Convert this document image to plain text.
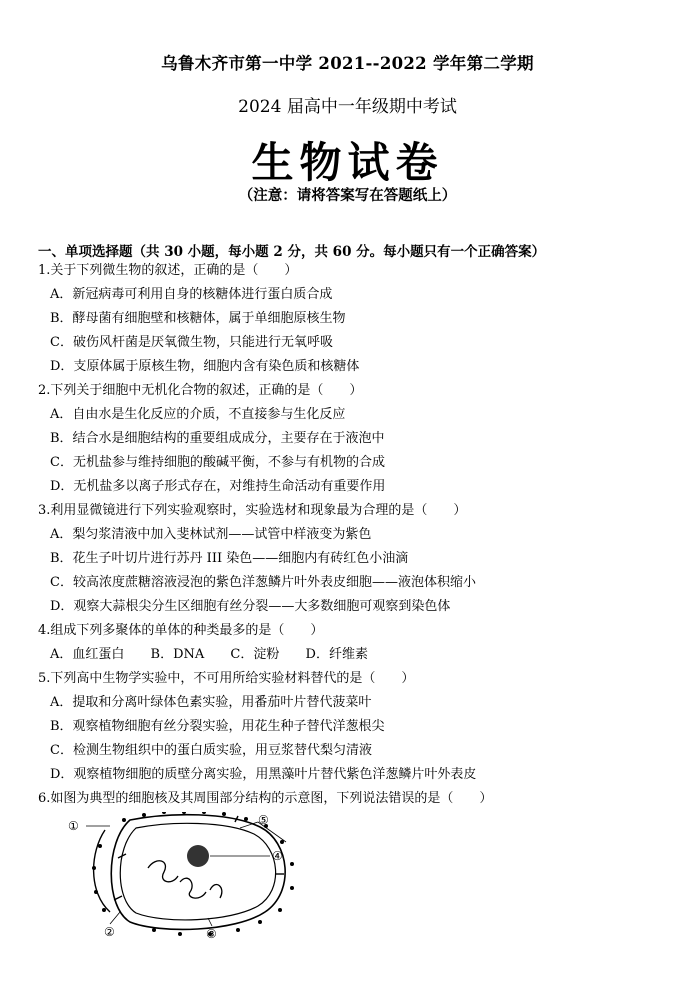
乌鲁木齐市第一中学 2021--2022 学年第二学期
2024 届高中一年级期中考试
生物试卷
（注意：请将答案写在答题纸上）
一、单项选择题（共 30 小题，每小题 2 分，共 60 分。每小题只有一个正确答案）
1.关于下列微生物的叙述，正确的是（　　）
A．新冠病毒可利用自身的核糖体进行蛋白质合成
B．酵母菌有细胞壁和核糖体，属于单细胞原核生物
C．破伤风杆菌是厌氧微生物，只能进行无氧呼吸
D．支原体属于原核生物，细胞内含有染色质和核糖体
2.下列关于细胞中无机化合物的叙述，正确的是（　　）
A．自由水是生化反应的介质，不直接参与生化反应
B．结合水是细胞结构的重要组成成分，主要存在于液泡中
C．无机盐参与维持细胞的酸碱平衡，不参与有机物的合成
D．无机盐多以离子形式存在，对维持生命活动有重要作用
3.利用显微镜进行下列实验观察时，实验选材和现象最为合理的是（　　）
A．梨匀浆清液中加入斐林试剂——试管中样液变为紫色
B．花生子叶切片进行苏丹 III 染色——细胞内有砖红色小油滴
C．较高浓度蔗糖溶液浸泡的紫色洋葱鳞片叶外表皮细胞——液泡体积缩小
D．观察大蒜根尖分生区细胞有丝分裂——大多数细胞可观察到染色体
4.组成下列多聚体的单体的种类最多的是（　　）
A．血红蛋白 B．DNA C．淀粉 D．纤维素
5.下列高中生物学实验中，不可用所给实验材料替代的是（　　）
A．提取和分离叶绿体色素实验，用番茄叶片替代菠菜叶
B．观察植物细胞有丝分裂实验，用花生种子替代洋葱根尖
C．检测生物组织中的蛋白质实验，用豆浆替代梨匀清液
D．观察植物细胞的质壁分离实验，用黑藻叶片替代紫色洋葱鳞片叶外表皮
6.如图为典型的细胞核及其周围部分结构的示意图，下列说法错误的是（　　）
①
②	③
④
⑤
